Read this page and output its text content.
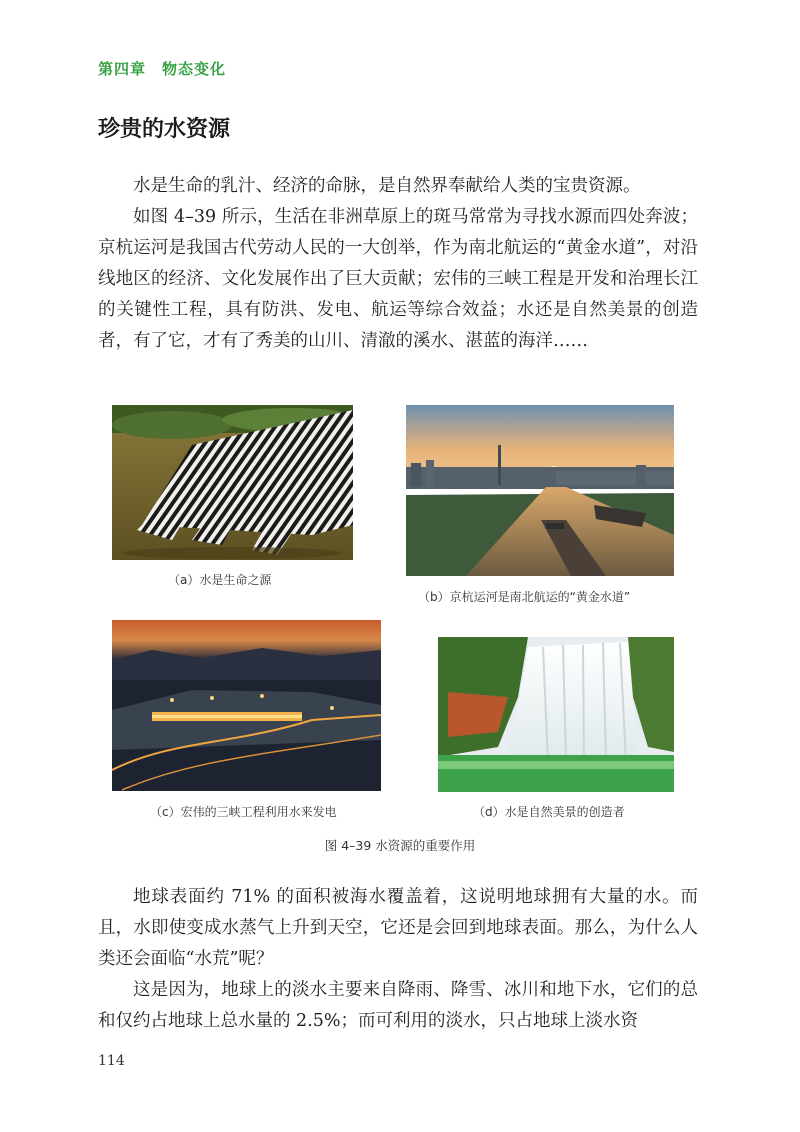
第四章　物态变化
珍贵的水资源

水是生命的乳汁、经济的命脉，是自然界奉献给人类的宝贵资源。

如图 4–39 所示，生活在非洲草原上的斑马常常为寻找水源而四处奔波；京杭运河是我国古代劳动人民的一大创举，作为南北航运的“黄金水道”，对沿线地区的经济、文化发展作出了巨大贡献；宏伟的三峡工程是开发和治理长江的关键性工程，具有防洪、发电、航运等综合效益；水还是自然美景的创造者，有了它，才有了秀美的山川、清澈的溪水、湛蓝的海洋……

（a）水是生命之源
（b）京杭运河是南北航运的“黄金水道”
（c）宏伟的三峡工程利用水来发电	（d）水是自然美景的创造者
图 4–39 水资源的重要作用

地球表面约 71% 的面积被海水覆盖着，这说明地球拥有大量的水。而且，水即使变成水蒸气上升到天空，它还是会回到地球表面。那么，为什么人类还会面临“水荒”呢？

这是因为，地球上的淡水主要来自降雨、降雪、冰川和地下水，它们的总和仅约占地球上总水量的 2.5%；而可利用的淡水，只占地球上淡水资

114
